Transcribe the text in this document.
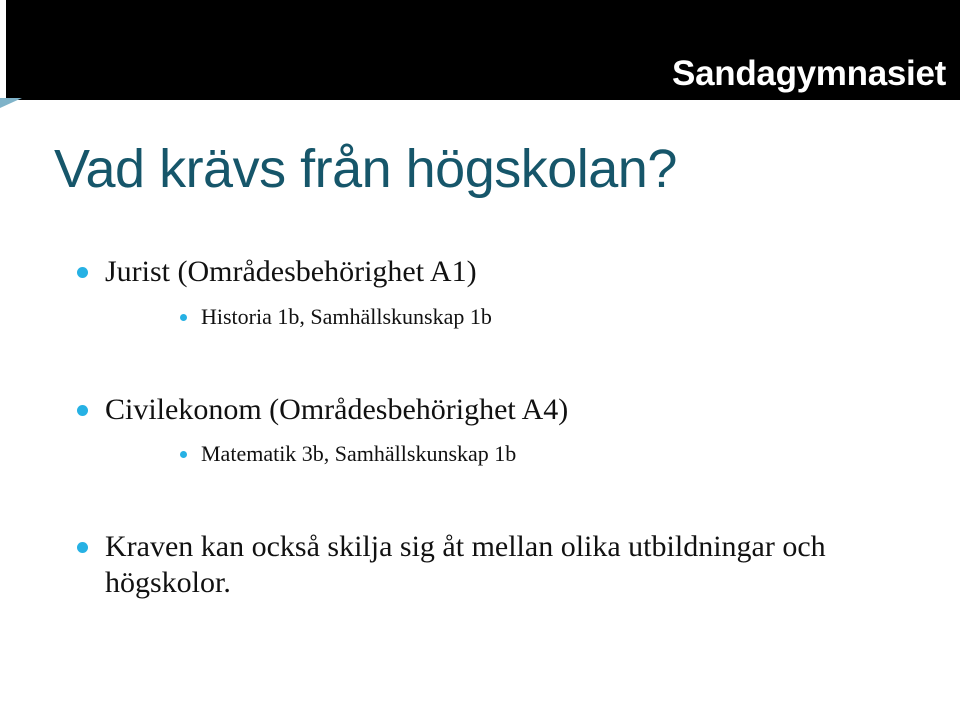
Sandagymnasiet
Vad krävs från högskolan?
Jurist (Områdesbehörighet A1)
Historia 1b, Samhällskunskap 1b
Civilekonom (Områdesbehörighet A4)
Matematik 3b, Samhällskunskap 1b
Kraven kan också skilja sig åt mellan olika utbildningar och högskolor.
